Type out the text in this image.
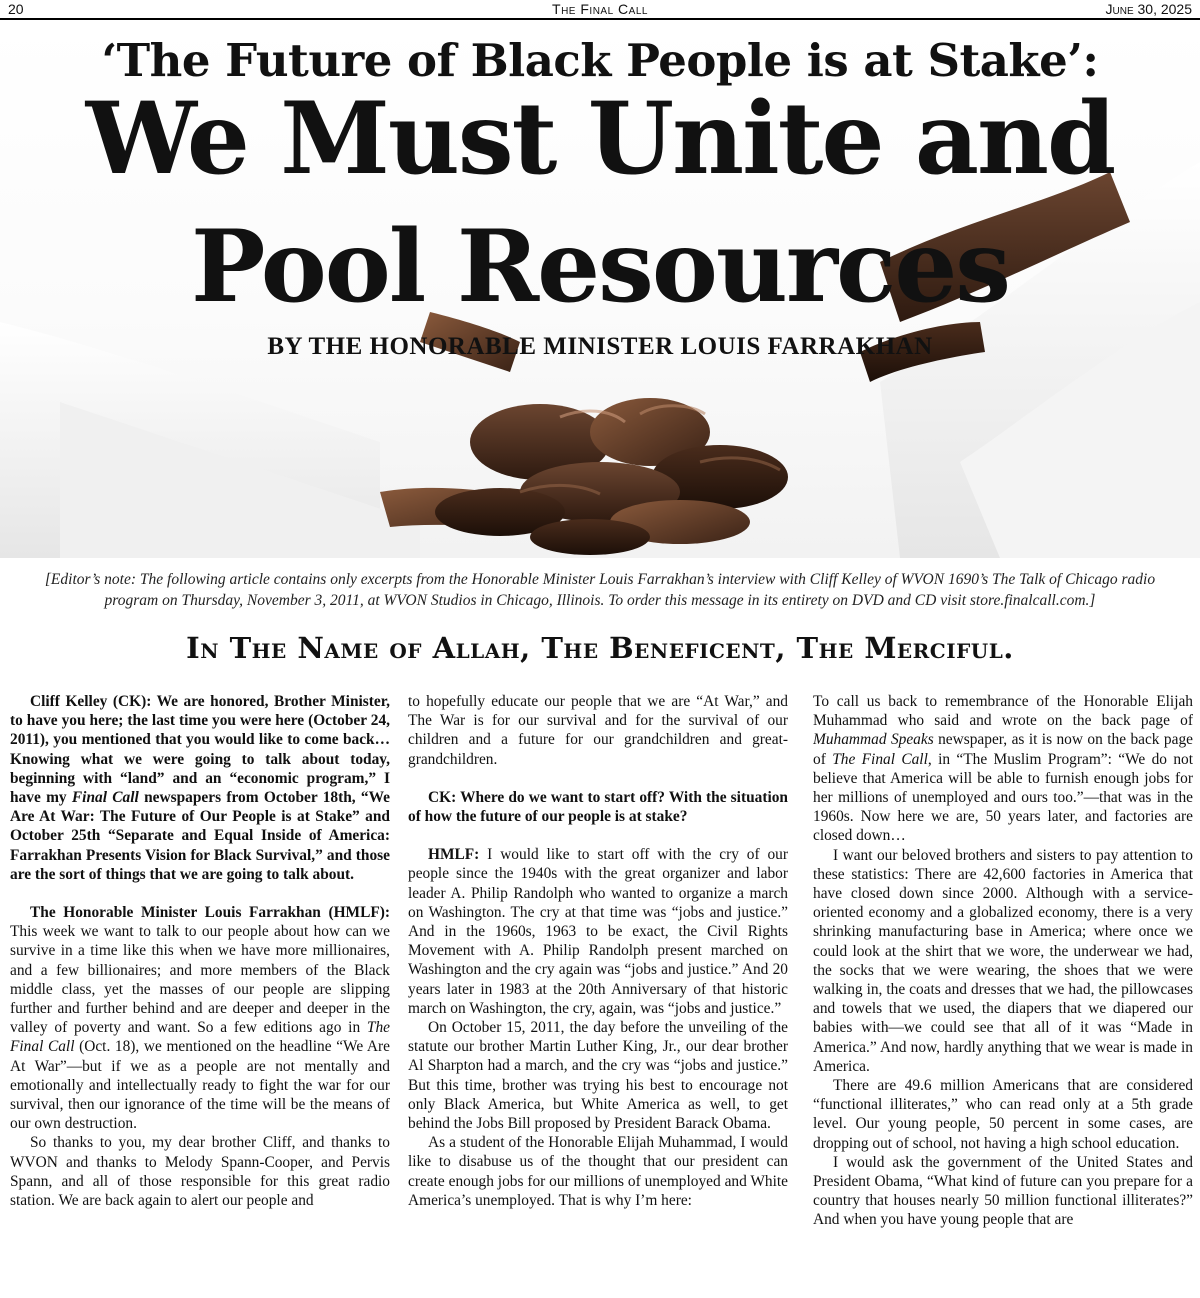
20	The Final Call	June 30, 2025
‘The Future of Black People is at Stake’:
We Must Unite and
Pool Resources
BY THE HONORABLE MINISTER LOUIS FARRAKHAN
[Editor’s note: The following article contains only excerpts from the Honorable Minister Louis Farrakhan’s interview with Cliff Kelley of WVON 1690’s The Talk of Chicago radio program on Thursday, November 3, 2011, at WVON Studios in Chicago, Illinois. To order this message in its entirety on DVD and CD visit store.finalcall.com.]
In The Name of Allah, The Beneficent, The Merciful.

Cliff Kelley (CK): We are honored, Brother Minister, to have you here; the last time you were here (October 24, 2011), you mentioned that you would like to come back… Knowing what we were going to talk about today, beginning with “land” and an “economic program,” I have my Final Call newspapers from October 18th, “We Are At War: The Future of Our People is at Stake” and October 25th “Separate and Equal Inside of America: Farrakhan Presents Vision for Black Survival,” and those are the sort of things that we are going to talk about.

The Honorable Minister Louis Farrakhan (HMLF): This week we want to talk to our people about how can we survive in a time like this when we have more millionaires, and a few billionaires; and more members of the Black middle class, yet the masses of our people are slipping further and further behind and are deeper and deeper in the valley of poverty and want. So a few editions ago in The Final Call (Oct. 18), we mentioned on the headline “We Are At War”—but if we as a people are not mentally and emotionally and intellectually ready to fight the war for our survival, then our ignorance of the time will be the means of our own destruction.

So thanks to you, my dear brother Cliff, and thanks to WVON and thanks to Melody Spann-Cooper, and Pervis Spann, and all of those responsible for this great radio station. We are back again to alert our people and

to hopefully educate our people that we are “At War,” and The War is for our survival and for the survival of our children and a future for our grandchildren and great-grandchildren.

CK: Where do we want to start off? With the situation of how the future of our people is at stake?

HMLF: I would like to start off with the cry of our people since the 1940s with the great organizer and labor leader A. Philip Randolph who wanted to organize a march on Washington. The cry at that time was “jobs and justice.” And in the 1960s, 1963 to be exact, the Civil Rights Movement with A. Philip Randolph present marched on Washington and the cry again was “jobs and justice.” And 20 years later in 1983 at the 20th Anniversary of that historic march on Washington, the cry, again, was “jobs and justice.”

On October 15, 2011, the day before the unveiling of the statute our brother Martin Luther King, Jr., our dear brother Al Sharpton had a march, and the cry was “jobs and justice.” But this time, brother was trying his best to encourage not only Black America, but White America as well, to get behind the Jobs Bill proposed by President Barack Obama.

As a student of the Honorable Elijah Muhammad, I would like to disabuse us of the thought that our president can create enough jobs for our millions of unemployed and White America’s unemployed. That is why I’m here:

To call us back to remembrance of the Honorable Elijah Muhammad who said and wrote on the back page of Muhammad Speaks newspaper, as it is now on the back page of The Final Call, in “The Muslim Program”: “We do not believe that America will be able to furnish enough jobs for her millions of unemployed and ours too.”—that was in the 1960s. Now here we are, 50 years later, and factories are closed down…

I want our beloved brothers and sisters to pay attention to these statistics: There are 42,600 factories in America that have closed down since 2000. Although with a service-oriented economy and a globalized economy, there is a very shrinking manufacturing base in America; where once we could look at the shirt that we wore, the underwear we had, the socks that we were wearing, the shoes that we were walking in, the coats and dresses that we had, the pillowcases and towels that we used, the diapers that we diapered our babies with—we could see that all of it was “Made in America.” And now, hardly anything that we wear is made in America.

There are 49.6 million Americans that are considered “functional illiterates,” who can read only at a 5th grade level. Our young people, 50 percent in some cases, are dropping out of school, not having a high school education.

I would ask the government of the United States and President Obama, “What kind of future can you prepare for a country that houses nearly 50 million functional illiterates?” And when you have young people that are
